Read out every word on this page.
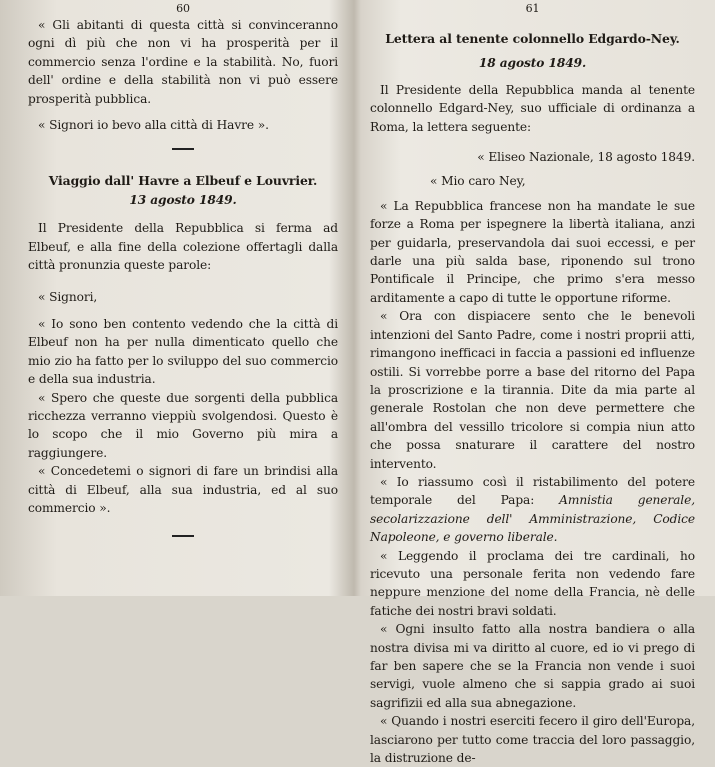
60

« Gli abitanti di questa città si convinceranno ogni dì più che non vi ha prosperità per il commercio senza l'ordine e la stabilità. No, fuori dell' ordine e della stabilità non vi può essere prosperità pubblica.

« Signori io bevo alla città di Havre ».

Viaggio dall' Havre a Elbeuf e Louvrier.

13 agosto 1849.

Il Presidente della Repubblica si ferma ad Elbeuf, e alla fine della colezione offertagli dalla città pronunzia queste parole:

« Signori,

« Io sono ben contento vedendo che la città di Elbeuf non ha per nulla dimenticato quello che mio zio ha fatto per lo sviluppo del suo commercio e della sua industria.

« Spero che queste due sorgenti della pubblica ricchezza verranno vieppiù svolgendosi. Questo è lo scopo che il mio Governo più mira a raggiungere.

« Concedetemi o signori di fare un brindisi alla città di Elbeuf, alla sua industria, ed al suo commercio ».

61

Lettera al tenente colonnello Edgardo-Ney.

18 agosto 1849.

Il Presidente della Repubblica manda al tenente colonnello Edgard-Ney, suo ufficiale di ordinanza a Roma, la lettera seguente:

« Eliseo Nazionale, 18 agosto 1849.

« Mio caro Ney,

« La Repubblica francese non ha mandate le sue forze a Roma per ispegnere la libertà italiana, anzi per guidarla, preservandola dai suoi eccessi, e per darle una più salda base, riponendo sul trono Pontificale il Principe, che primo s'era messo arditamente a capo di tutte le opportune riforme.

« Ora con dispiacere sento che le benevoli intenzioni del Santo Padre, come i nostri proprii atti, rimangono inefficaci in faccia a passioni ed influenze ostili. Si vorrebbe porre a base del ritorno del Papa la proscrizione e la tirannia. Dite da mia parte al generale Rostolan che non deve permettere che all'ombra del vessillo tricolore si compia niun atto che possa snaturare il carattere del nostro intervento.

« Io riassumo così il ristabilimento del potere temporale del Papa: Amnistia generale, secolarizzazione dell' Amministrazione, Codice Napoleone, e governo liberale.

« Leggendo il proclama dei tre cardinali, ho ricevuto una personale ferita non vedendo fare neppure menzione del nome della Francia, nè delle fatiche dei nostri bravi soldati.

« Ogni insulto fatto alla nostra bandiera o alla nostra divisa mi va diritto al cuore, ed io vi prego di far ben sapere che se la Francia non vende i suoi servigi, vuole almeno che si sappia grado ai suoi sagrifizii ed alla sua abnegazione.

« Quando i nostri eserciti fecero il giro dell'Europa, lasciarono per tutto come traccia del loro passaggio, la distruzione de-
